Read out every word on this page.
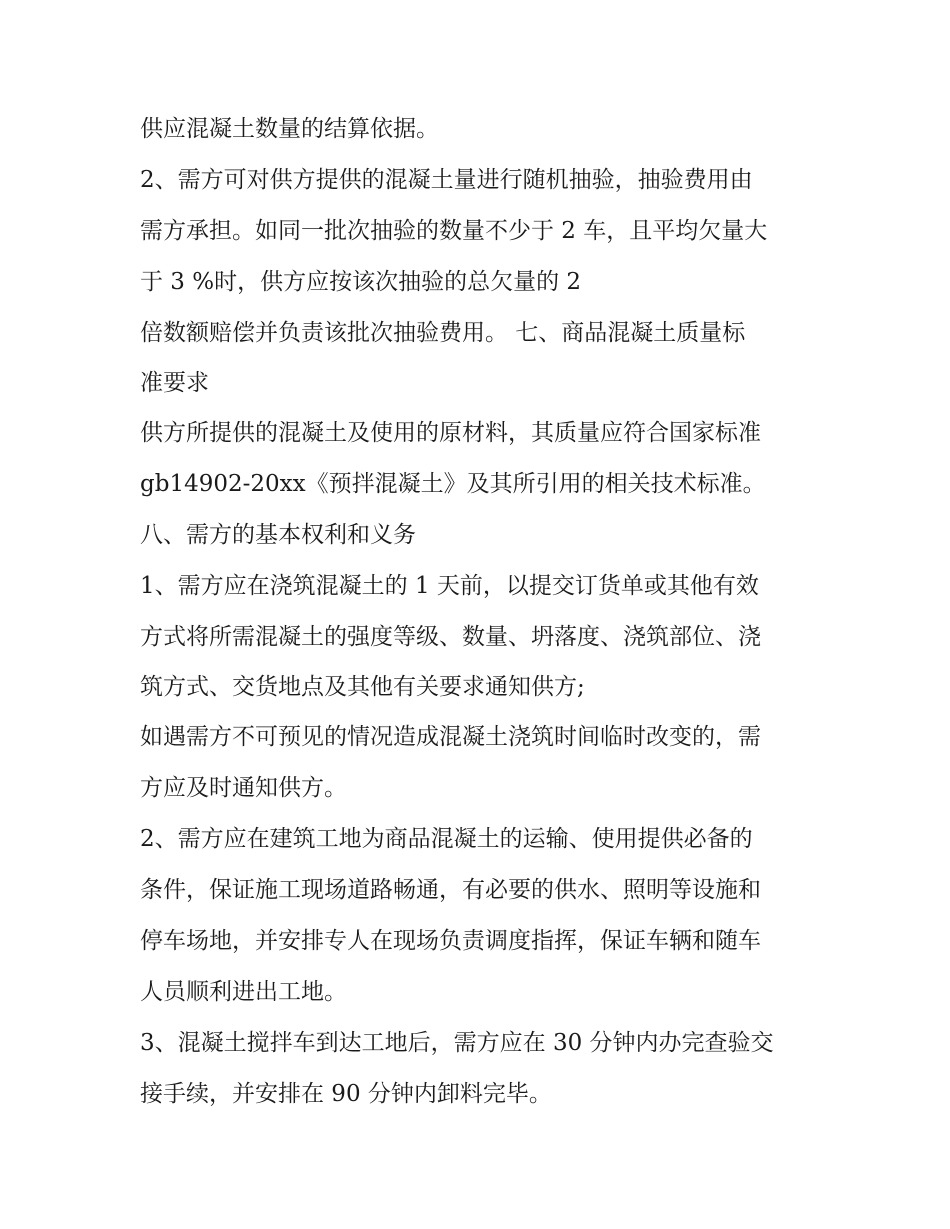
供应混凝土数量的结算依据。
2、需方可对供方提供的混凝土量进行随机抽验，抽验费用由
需方承担。如同一批次抽验的数量不少于 2 车，且平均欠量大
于 3 %时，供方应按该次抽验的总欠量的 2
倍数额赔偿并负责该批次抽验费用。 七、商品混凝土质量标
准要求
供方所提供的混凝土及使用的原材料，其质量应符合国家标准
gb14902-20xx《预拌混凝土》及其所引用的相关技术标准。
八、需方的基本权利和义务
1、需方应在浇筑混凝土的 1 天前，以提交订货单或其他有效
方式将所需混凝土的强度等级、数量、坍落度、浇筑部位、浇
筑方式、交货地点及其他有关要求通知供方;
如遇需方不可预见的情况造成混凝土浇筑时间临时改变的，需
方应及时通知供方。
2、需方应在建筑工地为商品混凝土的运输、使用提供必备的
条件，保证施工现场道路畅通，有必要的供水、照明等设施和
停车场地，并安排专人在现场负责调度指挥，保证车辆和随车
人员顺利进出工地。
3、混凝土搅拌车到达工地后，需方应在 30 分钟内办完查验交
接手续，并安排在 90 分钟内卸料完毕。
